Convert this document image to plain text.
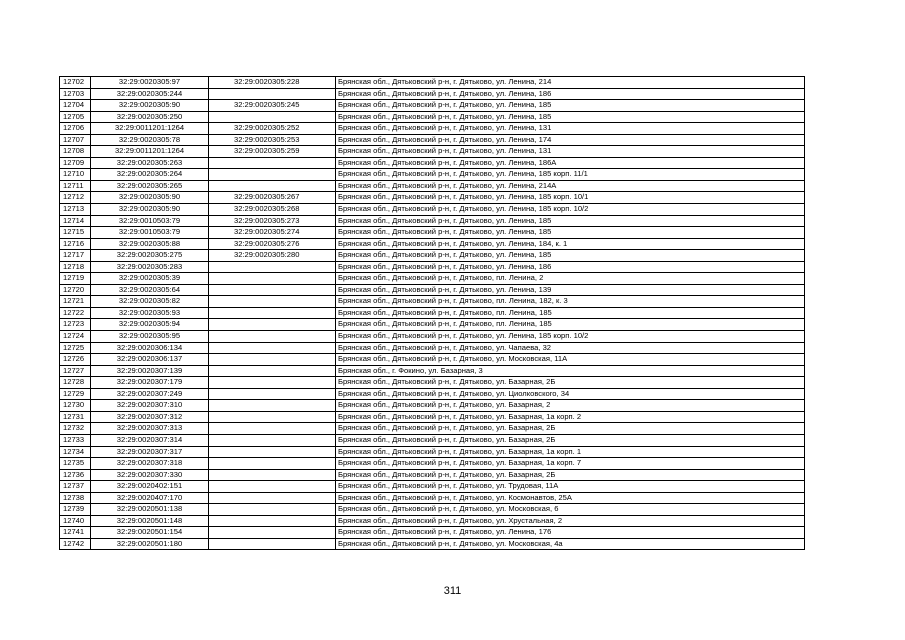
12702	32:29:0020305:97	32:29:0020305:228	Брянская обл., Дятьковский р-н, г. Дятьково, ул. Ленина, 214
12703	32:29:0020305:244		Брянская обл., Дятьковский р-н, г. Дятьково, ул. Ленина, 186
12704	32:29:0020305:90	32:29:0020305:245	Брянская обл., Дятьковский р-н, г. Дятьково, ул. Ленина, 185
12705	32:29:0020305:250		Брянская обл., Дятьковский р-н, г. Дятьково, ул. Ленина, 185
12706	32:29:0011201:1264	32:29:0020305:252	Брянская обл., Дятьковский р-н, г. Дятьково, ул. Ленина, 131
12707	32:29:0020305:78	32:29:0020305:253	Брянская обл., Дятьковский р-н, г. Дятьково, ул. Ленина, 174
12708	32:29:0011201:1264	32:29:0020305:259	Брянская обл., Дятьковский р-н, г. Дятьково, ул. Ленина, 131
12709	32:29:0020305:263		Брянская обл., Дятьковский р-н, г. Дятьково, ул. Ленина, 186А
12710	32:29:0020305:264		Брянская обл., Дятьковский р-н, г. Дятьково, ул. Ленина, 185 корп. 11/1
12711	32:29:0020305:265		Брянская обл., Дятьковский р-н, г. Дятьково, ул. Ленина, 214А
12712	32:29:0020305:90	32:29:0020305:267	Брянская обл., Дятьковский р-н, г. Дятьково, ул. Ленина, 185 корп. 10/1
12713	32:29:0020305:90	32:29:0020305:268	Брянская обл., Дятьковский р-н, г. Дятьково, ул. Ленина, 185 корп. 10/2
12714	32:29:0010503:79	32:29:0020305:273	Брянская обл., Дятьковский р-н, г. Дятьково, ул. Ленина, 185
12715	32:29:0010503:79	32:29:0020305:274	Брянская обл., Дятьковский р-н, г. Дятьково, ул. Ленина, 185
12716	32:29:0020305:88	32:29:0020305:276	Брянская обл., Дятьковский р-н, г. Дятьково, ул. Ленина, 184, к. 1
12717	32:29:0020305:275	32:29:0020305:280	Брянская обл., Дятьковский р-н, г. Дятьково, ул. Ленина, 185
12718	32:29:0020305:283		Брянская обл., Дятьковский р-н, г. Дятьково, ул. Ленина, 186
12719	32:29:0020305:39		Брянская обл., Дятьковский р-н, г. Дятьково, пл. Ленина, 2
12720	32:29:0020305:64		Брянская обл., Дятьковский р-н, г. Дятьково, ул. Ленина, 139
12721	32:29:0020305:82		Брянская обл., Дятьковский р-н, г. Дятьково, пл. Ленина, 182, к. 3
12722	32:29:0020305:93		Брянская обл., Дятьковский р-н, г. Дятьково, пл. Ленина, 185
12723	32:29:0020305:94		Брянская обл., Дятьковский р-н, г. Дятьково, пл. Ленина, 185
12724	32:29:0020305:95		Брянская обл., Дятьковский р-н, г. Дятьково, ул. Ленина, 185 корп. 10/2
12725	32:29:0020306:134		Брянская обл., Дятьковский р-н, г. Дятьково, ул. Чапаева, 32
12726	32:29:0020306:137		Брянская обл., Дятьковский р-н, г. Дятьково, ул. Московская, 11А
12727	32:29:0020307:139		Брянская обл., г. Фокино, ул. Базарная, 3
12728	32:29:0020307:179		Брянская обл., Дятьковский р-н, г. Дятьково, ул. Базарная, 2Б
12729	32:29:0020307:249		Брянская обл., Дятьковский р-н, г. Дятьково, ул. Циолковского, 34
12730	32:29:0020307:310		Брянская обл., Дятьковский р-н, г. Дятьково, ул. Базарная, 2
12731	32:29:0020307:312		Брянская обл., Дятьковский р-н, г. Дятьково, ул. Базарная, 1а корп. 2
12732	32:29:0020307:313		Брянская обл., Дятьковский р-н, г. Дятьково, ул. Базарная, 2Б
12733	32:29:0020307:314		Брянская обл., Дятьковский р-н, г. Дятьково, ул. Базарная, 2Б
12734	32:29:0020307:317		Брянская обл., Дятьковский р-н, г. Дятьково, ул. Базарная, 1а корп. 1
12735	32:29:0020307:318		Брянская обл., Дятьковский р-н, г. Дятьково, ул. Базарная, 1а корп. 7
12736	32:29:0020307:330		Брянская обл., Дятьковский р-н, г. Дятьково, ул. Базарная, 2Б
12737	32:29:0020402:151		Брянская обл., Дятьковский р-н, г. Дятьково, ул. Трудовая, 11А
12738	32:29:0020407:170		Брянская обл., Дятьковский р-н, г. Дятьково, ул. Космонавтов, 25А
12739	32:29:0020501:138		Брянская обл., Дятьковский р-н, г. Дятьково, ул. Московская, 6
12740	32:29:0020501:148		Брянская обл., Дятьковский р-н, г. Дятьково, ул. Хрустальная, 2
12741	32:29:0020501:154		Брянская обл., Дятьковский р-н, г. Дятьково, ул. Ленина, 176
12742	32:29:0020501:180		Брянская обл., Дятьковский р-н, г. Дятьково, ул. Московская, 4а
311
